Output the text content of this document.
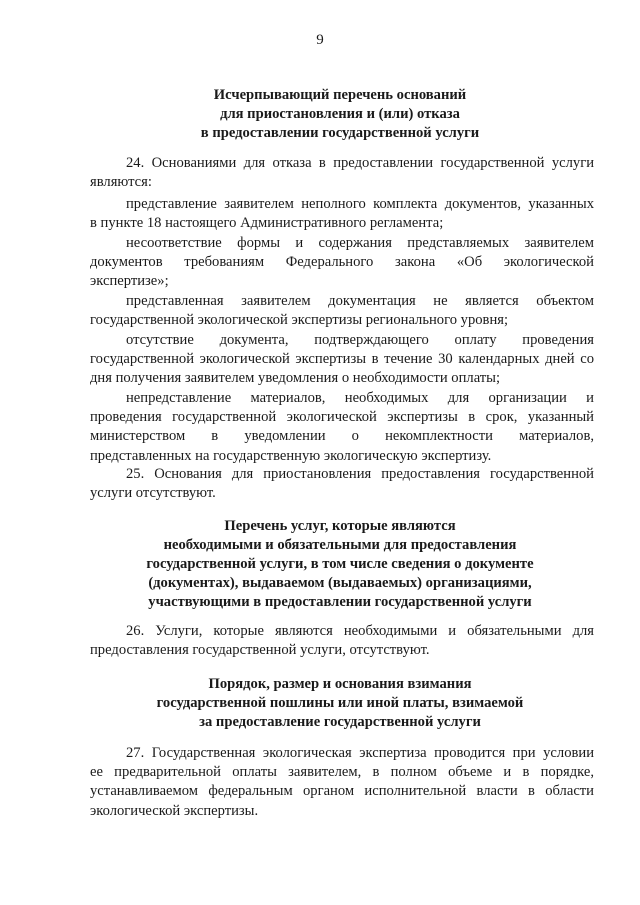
9
Исчерпывающий перечень оснований
для приостановления и (или) отказа
в предоставлении государственной услуги
24. Основаниями для отказа в предоставлении государственной услуги
являются:
представление заявителем неполного комплекта документов, указанных
в пункте 18 настоящего Административного регламента;
несоответствие формы и содержания представляемых заявителем
документов требованиям Федерального закона «Об экологической
экспертизе»;
представленная заявителем документация не является объектом
государственной экологической экспертизы регионального уровня;
отсутствие документа, подтверждающего оплату проведения
государственной экологической экспертизы в течение 30 календарных дней со
дня получения заявителем уведомления о необходимости оплаты;
непредставление материалов, необходимых для организации и
проведения государственной экологической экспертизы в срок, указанный
министерством в уведомлении о некомплектности материалов,
представленных на государственную экологическую экспертизу.
25. Основания для приостановления предоставления государственной
услуги отсутствуют.
Перечень услуг, которые являются
необходимыми и обязательными для предоставления
государственной услуги, в том числе сведения о документе
(документах), выдаваемом (выдаваемых) организациями,
участвующими в предоставлении государственной услуги
26. Услуги, которые являются необходимыми и обязательными для
предоставления государственной услуги, отсутствуют.
Порядок, размер и основания взимания
государственной пошлины или иной платы, взимаемой
за предоставление государственной услуги
27. Государственная экологическая экспертиза проводится при условии
ее предварительной оплаты заявителем, в полном объеме и в порядке,
устанавливаемом федеральным органом исполнительной власти в области
экологической экспертизы.
